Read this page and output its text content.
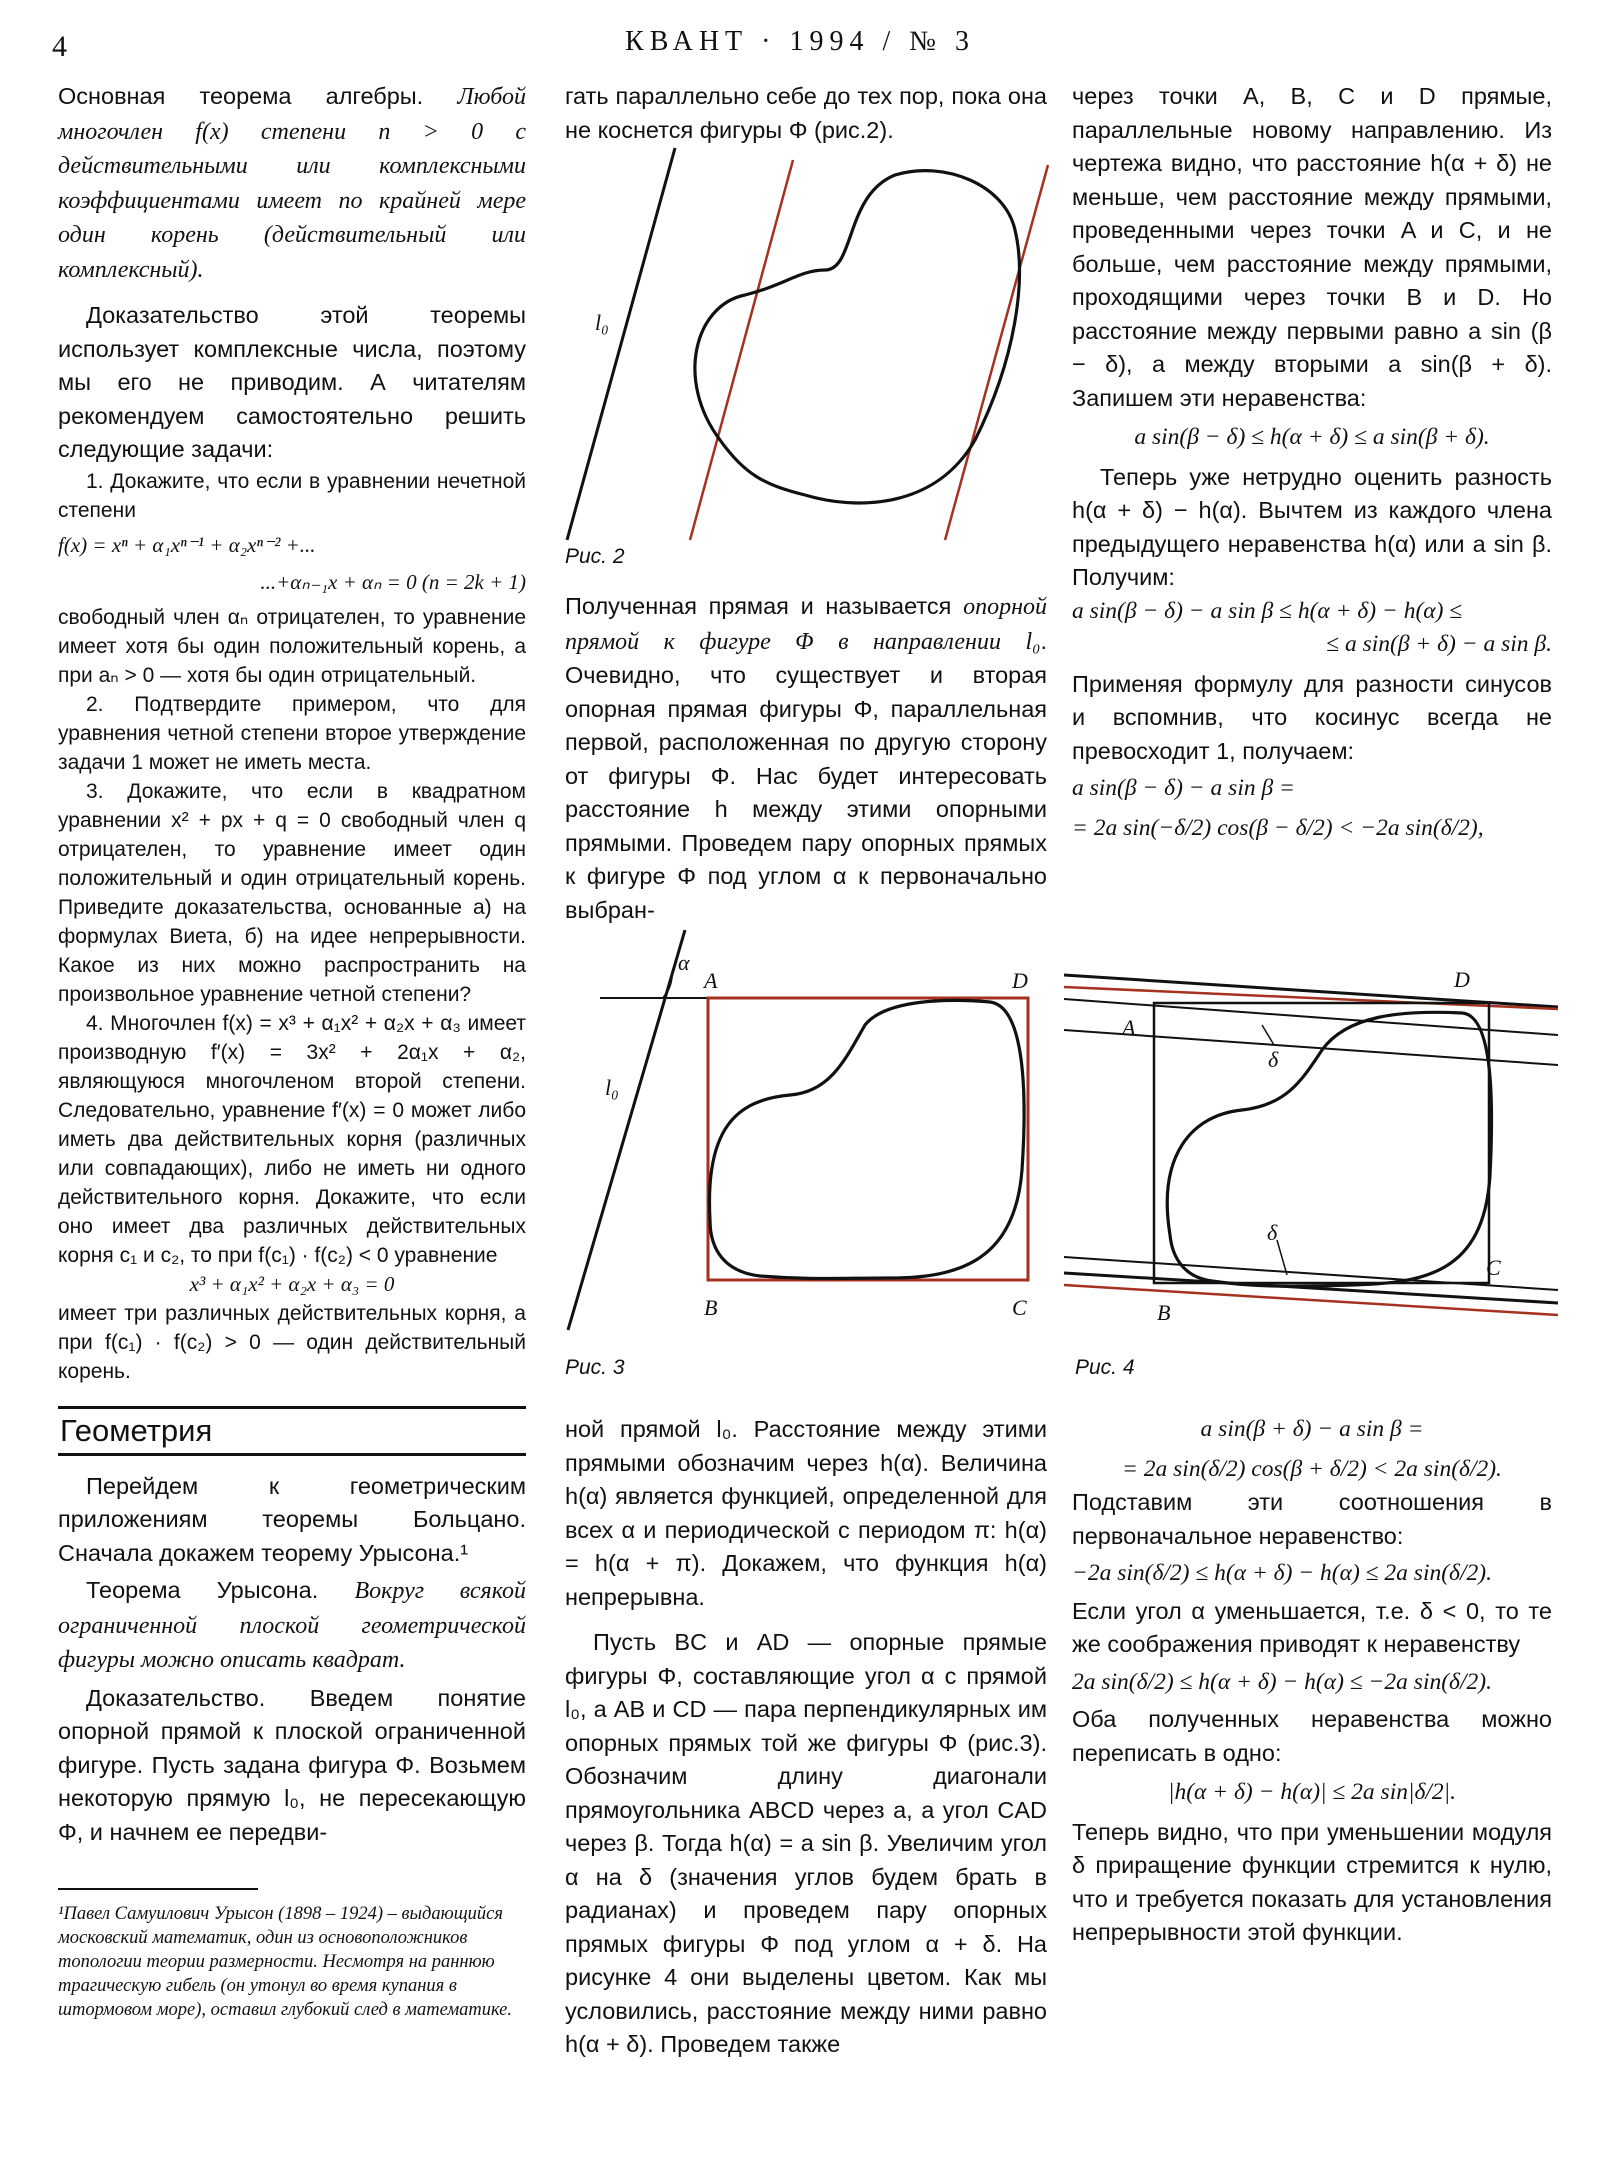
4	КВАНТ · 1994 / № 3

Основная теорема алгебры. Любой многочлен f(x) степени n > 0 с действительными или комплексными коэффициентами имеет по крайней мере один корень (действительный или комплексный).

Доказательство этой теоремы использует комплексные числа, поэтому мы его не приводим. А читателям рекомендуем самостоятельно решить следующие задачи:

1. Докажите, что если в уравнении нечетной степени

f(x) = xⁿ + α₁xⁿ⁻¹ + α₂xⁿ⁻² +...

...+αₙ₋₁x + αₙ = 0 (n = 2k + 1)

свободный член αₙ отрицателен, то уравнение имеет хотя бы один положительный корень, а при aₙ > 0 — хотя бы один отрицательный.

2. Подтвердите примером, что для уравнения четной степени второе утверждение задачи 1 может не иметь места.

3. Докажите, что если в квадратном уравнении x² + px + q = 0 свободный член q отрицателен, то уравнение имеет один положительный и один отрицательный корень. Приведите доказательства, основанные а) на формулах Виета, б) на идее непрерывности. Какое из них можно распространить на произвольное уравнение четной степени?

4. Многочлен f(x) = x³ + α₁x² + α₂x + α₃ имеет производную f′(x) = 3x² + 2α₁x + α₂, являющуюся многочленом второй степени. Следовательно, уравнение f′(x) = 0 может либо иметь два действительных корня (различных или совпадающих), либо не иметь ни одного действительного корня. Докажите, что если оно имеет два различных действительных корня c₁ и c₂, то при f(c₁) · f(c₂) < 0 уравнение

x³ + α₁x² + α₂x + α₃ = 0

имеет три различных действительных корня, а при f(c₁) · f(c₂) > 0 — один действительный корень.

Геометрия

Перейдем к геометрическим приложениям теоремы Больцано. Сначала докажем теорему Урысона.¹

Теорема Урысона. Вокруг всякой ограниченной плоской геометрической фигуры можно описать квадрат.

Доказательство. Введем понятие опорной прямой к плоской ограниченной фигуре. Пусть задана фигура Φ. Возьмем некоторую прямую l₀, не пересекающую Φ, и начнем ее передви-

¹Павел Самуилович Урысон (1898 – 1924) – выдающийся московский математик, один из основоположников топологии теории размерности. Несмотря на раннюю трагическую гибель (он утонул во время купания в штормовом море), оставил глубокий след в математике.

гать параллельно себе до тех пор, пока она не коснется фигуры Φ (рис.2).

l₀
Рис. 2

Полученная прямая и называется опорной прямой к фигуре Φ в направлении l₀. Очевидно, что существует и вторая опорная прямая фигуры Φ, параллельная первой, расположенная по другую сторону от фигуры Φ. Нас будет интересовать расстояние h между этими опорными прямыми. Проведем пару опорных прямых к фигуре Φ под углом α к первоначально выбран-

α
A	D
B	C
l₀
Рис. 3

ной прямой l₀. Расстояние между этими прямыми обозначим через h(α). Величина h(α) является функцией, определенной для всех α и периодической с периодом π: h(α) = h(α + π). Докажем, что функция h(α) непрерывна.

Пусть BC и AD — опорные прямые фигуры Φ, составляющие угол α с прямой l₀, а AB и CD — пара перпендикулярных им опорных прямых той же фигуры Φ (рис.3). Обозначим длину диагонали прямоугольника ABCD через a, а угол CAD через β. Тогда h(α) = a sin β. Увеличим угол α на δ (значения углов будем брать в радианах) и проведем пару опорных прямых фигуры Φ под углом α + δ. На рисунке 4 они выделены цветом. Как мы условились, расстояние между ними равно h(α + δ). Проведем также

через точки A, B, C и D прямые, параллельные новому направлению. Из чертежа видно, что расстояние h(α + δ) не меньше, чем расстояние между прямыми, проведенными через точки A и C, и не больше, чем расстояние между прямыми, проходящими через точки B и D. Но расстояние между первыми равно a sin (β − δ), а между вторыми a sin(β + δ). Запишем эти неравенства:

a sin(β − δ) ≤ h(α + δ) ≤ a sin(β + δ).

Теперь уже нетрудно оценить разность h(α + δ) − h(α). Вычтем из каждого члена предыдущего неравенства h(α) или a sin β. Получим:

a sin(β − δ) − a sin β ≤ h(α + δ) − h(α) ≤

≤ a sin(β + δ) − a sin β.

Применяя формулу для разности синусов и вспомнив, что косинус всегда не превосходит 1, получаем:

a sin(β − δ) − a sin β =

= 2a sin(−δ/2) cos(β − δ/2) < −2a sin(δ/2),

A
D
B
C
δ
δ
Рис. 4

a sin(β + δ) − a sin β =

= 2a sin(δ/2) cos(β + δ/2) < 2a sin(δ/2).

Подставим эти соотношения в первоначальное неравенство:

−2a sin(δ/2) ≤ h(α + δ) − h(α) ≤ 2a sin(δ/2).

Если угол α уменьшается, т.е. δ < 0, то те же соображения приводят к неравенству

2a sin(δ/2) ≤ h(α + δ) − h(α) ≤ −2a sin(δ/2).

Оба полученных неравенства можно переписать в одно:

|h(α + δ) − h(α)| ≤ 2a sin|δ/2|.

Теперь видно, что при уменьшении модуля δ приращение функции стремится к нулю, что и требуется показать для установления непрерывности этой функции.
